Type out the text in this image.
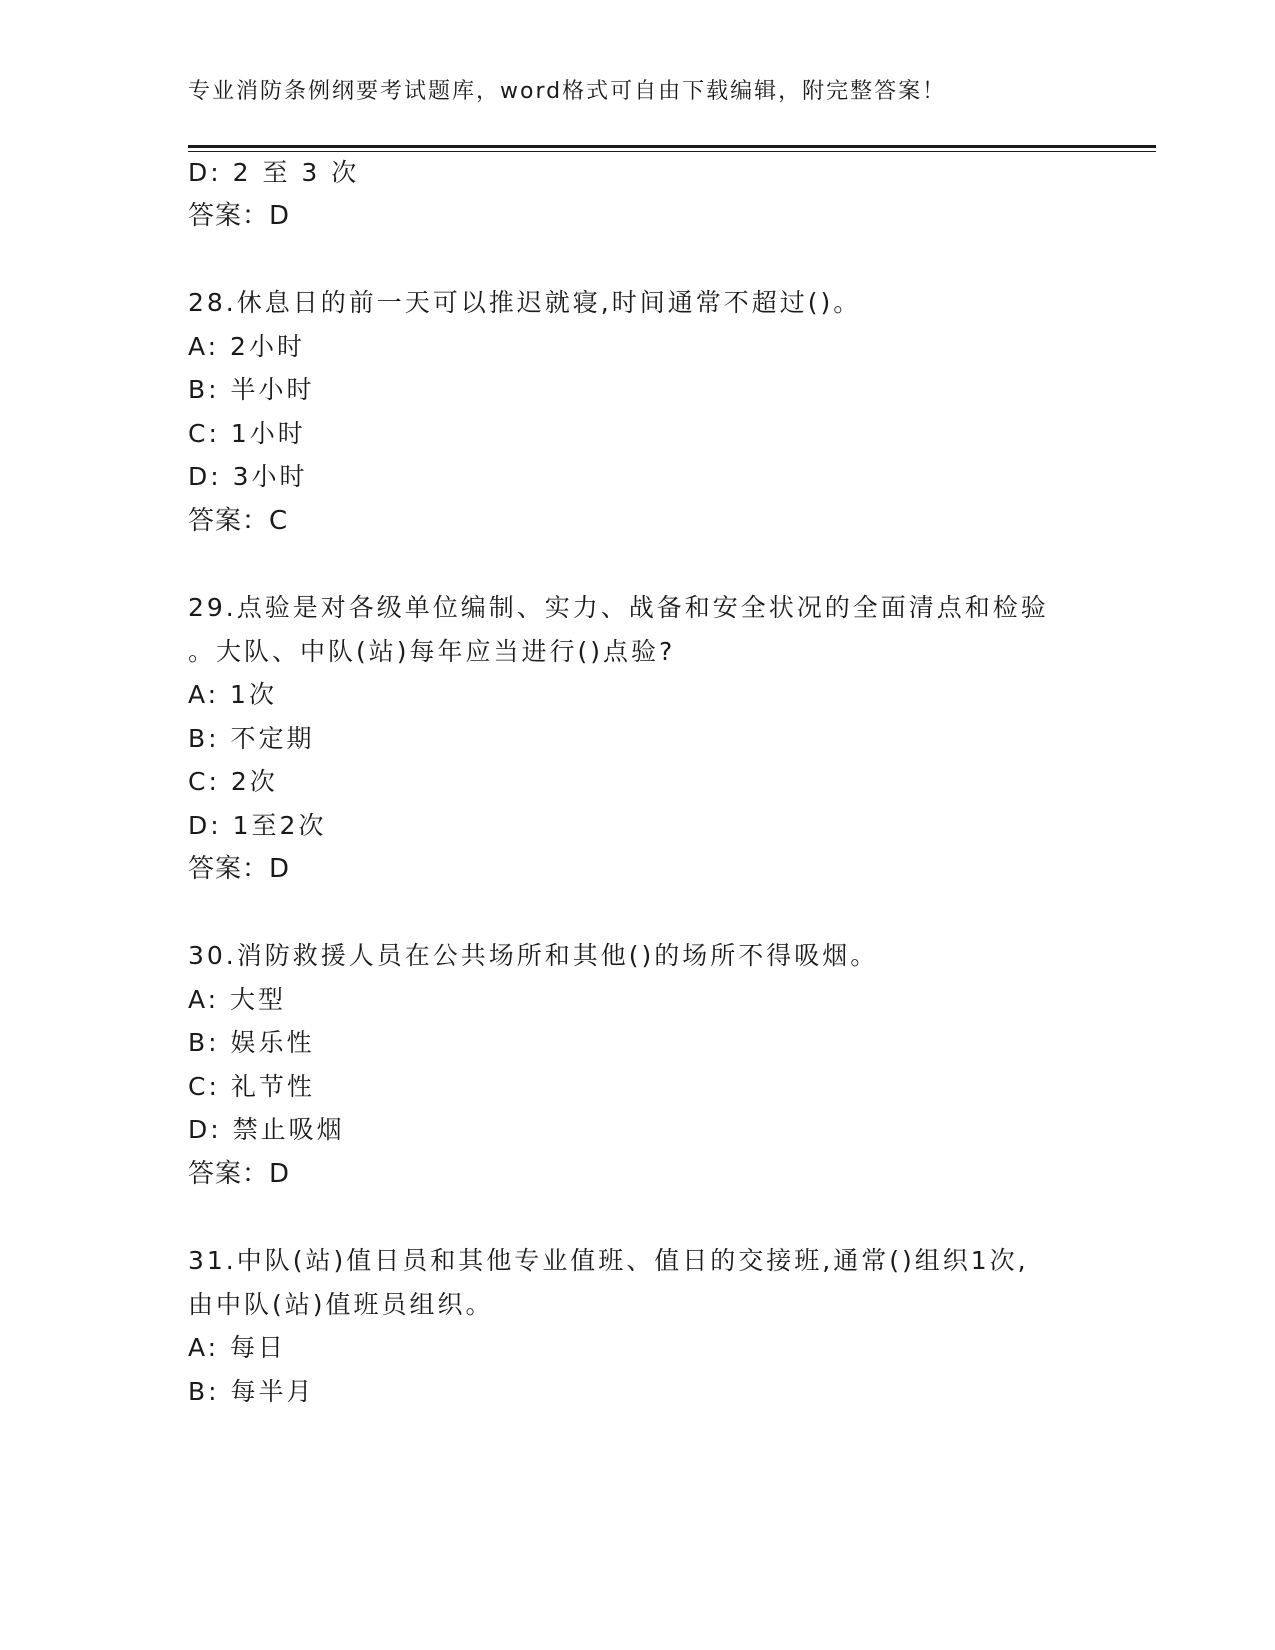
专业消防条例纲要考试题库，word格式可自由下载编辑，附完整答案！
D: 2 至 3 次
答案：D
28.休息日的前一天可以推迟就寝,时间通常不超过()。
A: 2小时
B: 半小时
C: 1小时
D: 3小时
答案：C
29.点验是对各级单位编制、实力、战备和安全状况的全面清点和检验
。大队、中队(站)每年应当进行()点验?
A: 1次
B: 不定期
C: 2次
D: 1至2次
答案：D
30.消防救援人员在公共场所和其他()的场所不得吸烟。
A: 大型
B: 娱乐性
C: 礼节性
D: 禁止吸烟
答案：D
31.中队(站)值日员和其他专业值班、值日的交接班,通常()组织1次,
由中队(站)值班员组织。
A: 每日
B: 每半月
